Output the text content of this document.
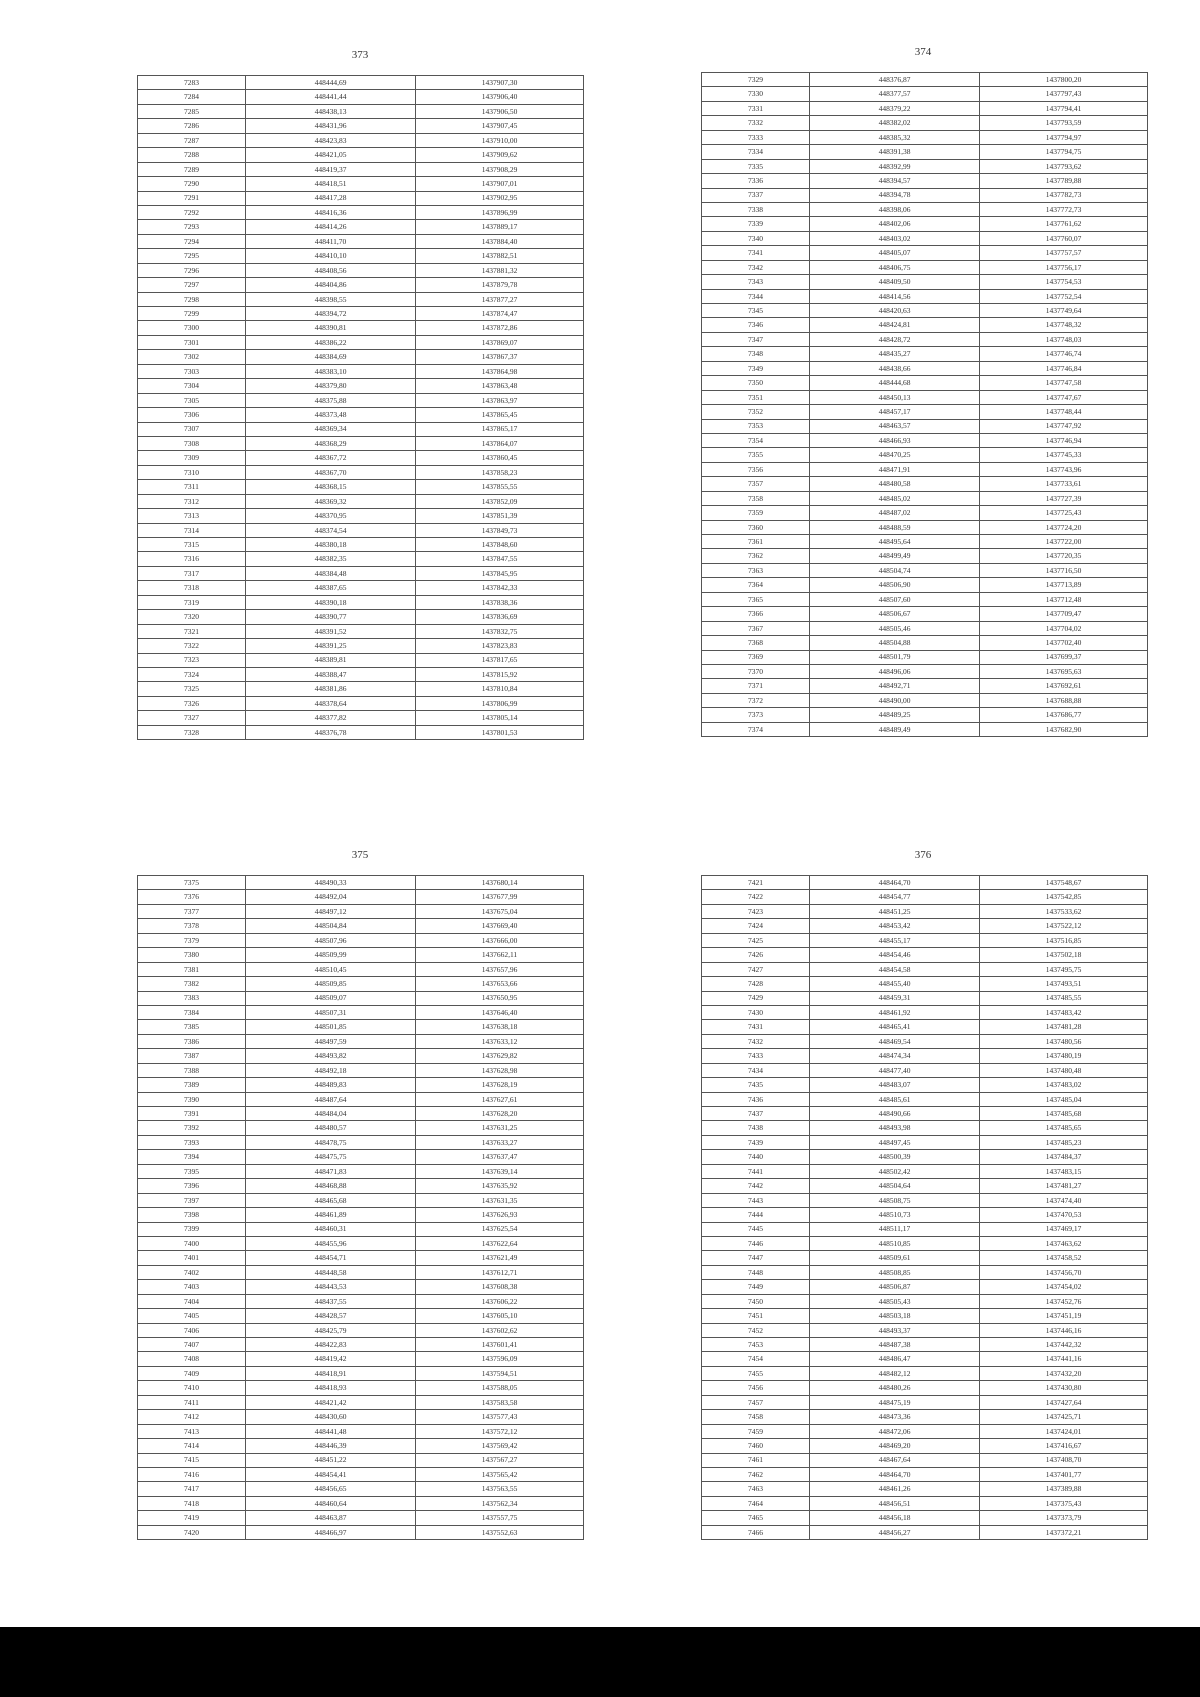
373	374
375	376
7283	448444,69	1437907,30
7284	448441,44	1437906,40
7285	448438,13	1437906,50
7286	448431,96	1437907,45
7287	448423,83	1437910,00
7288	448421,05	1437909,62
7289	448419,37	1437908,29
7290	448418,51	1437907,01
7291	448417,28	1437902,95
7292	448416,36	1437896,99
7293	448414,26	1437889,17
7294	448411,70	1437884,40
7295	448410,10	1437882,51
7296	448408,56	1437881,32
7297	448404,86	1437879,78
7298	448398,55	1437877,27
7299	448394,72	1437874,47
7300	448390,81	1437872,86
7301	448386,22	1437869,07
7302	448384,69	1437867,37
7303	448383,10	1437864,98
7304	448379,80	1437863,48
7305	448375,88	1437863,97
7306	448373,48	1437865,45
7307	448369,34	1437865,17
7308	448368,29	1437864,07
7309	448367,72	1437860,45
7310	448367,70	1437858,23
7311	448368,15	1437855,55
7312	448369,32	1437852,09
7313	448370,95	1437851,39
7314	448374,54	1437849,73
7315	448380,18	1437848,60
7316	448382,35	1437847,55
7317	448384,48	1437845,95
7318	448387,65	1437842,33
7319	448390,18	1437838,36
7320	448390,77	1437836,69
7321	448391,52	1437832,75
7322	448391,25	1437823,83
7323	448389,81	1437817,65
7324	448388,47	1437815,92
7325	448381,86	1437810,84
7326	448378,64	1437806,99
7327	448377,82	1437805,14
7328	448376,78	1437801,53
7329	448376,87	1437800,20
7330	448377,57	1437797,43
7331	448379,22	1437794,41
7332	448382,02	1437793,59
7333	448385,32	1437794,97
7334	448391,38	1437794,75
7335	448392,99	1437793,62
7336	448394,57	1437789,88
7337	448394,78	1437782,73
7338	448398,06	1437772,73
7339	448402,06	1437761,62
7340	448403,02	1437760,07
7341	448405,07	1437757,57
7342	448406,75	1437756,17
7343	448409,50	1437754,53
7344	448414,56	1437752,54
7345	448420,63	1437749,64
7346	448424,81	1437748,32
7347	448428,72	1437748,03
7348	448435,27	1437746,74
7349	448438,66	1437746,84
7350	448444,68	1437747,58
7351	448450,13	1437747,67
7352	448457,17	1437748,44
7353	448463,57	1437747,92
7354	448466,93	1437746,94
7355	448470,25	1437745,33
7356	448471,91	1437743,96
7357	448480,58	1437733,61
7358	448485,02	1437727,39
7359	448487,02	1437725,43
7360	448488,59	1437724,20
7361	448495,64	1437722,00
7362	448499,49	1437720,35
7363	448504,74	1437716,50
7364	448506,90	1437713,89
7365	448507,60	1437712,48
7366	448506,67	1437709,47
7367	448505,46	1437704,02
7368	448504,88	1437702,40
7369	448501,79	1437699,37
7370	448496,06	1437695,63
7371	448492,71	1437692,61
7372	448490,00	1437688,88
7373	448489,25	1437686,77
7374	448489,49	1437682,90
7375	448490,33	1437680,14
7376	448492,04	1437677,99
7377	448497,12	1437675,04
7378	448504,84	1437669,40
7379	448507,96	1437666,00
7380	448509,99	1437662,11
7381	448510,45	1437657,96
7382	448509,85	1437653,66
7383	448509,07	1437650,95
7384	448507,31	1437646,40
7385	448501,85	1437638,18
7386	448497,59	1437633,12
7387	448493,82	1437629,82
7388	448492,18	1437628,98
7389	448489,83	1437628,19
7390	448487,64	1437627,61
7391	448484,04	1437628,20
7392	448480,57	1437631,25
7393	448478,75	1437633,27
7394	448475,75	1437637,47
7395	448471,83	1437639,14
7396	448468,88	1437635,92
7397	448465,68	1437631,35
7398	448461,89	1437626,93
7399	448460,31	1437625,54
7400	448455,96	1437622,64
7401	448454,71	1437621,49
7402	448448,58	1437612,71
7403	448443,53	1437608,38
7404	448437,55	1437606,22
7405	448428,57	1437605,10
7406	448425,79	1437602,62
7407	448422,83	1437601,41
7408	448419,42	1437596,09
7409	448418,91	1437594,51
7410	448418,93	1437588,05
7411	448421,42	1437583,58
7412	448430,60	1437577,43
7413	448441,48	1437572,12
7414	448446,39	1437569,42
7415	448451,22	1437567,27
7416	448454,41	1437565,42
7417	448456,65	1437563,55
7418	448460,64	1437562,34
7419	448463,87	1437557,75
7420	448466,97	1437552,63
7421	448464,70	1437548,67
7422	448454,77	1437542,85
7423	448451,25	1437533,62
7424	448453,42	1437522,12
7425	448455,17	1437516,85
7426	448454,46	1437502,18
7427	448454,58	1437495,75
7428	448455,40	1437493,51
7429	448459,31	1437485,55
7430	448461,92	1437483,42
7431	448465,41	1437481,28
7432	448469,54	1437480,56
7433	448474,34	1437480,19
7434	448477,40	1437480,48
7435	448483,07	1437483,02
7436	448485,61	1437485,04
7437	448490,66	1437485,68
7438	448493,98	1437485,65
7439	448497,45	1437485,23
7440	448500,39	1437484,37
7441	448502,42	1437483,15
7442	448504,64	1437481,27
7443	448508,75	1437474,40
7444	448510,73	1437470,53
7445	448511,17	1437469,17
7446	448510,85	1437463,62
7447	448509,61	1437458,52
7448	448508,85	1437456,70
7449	448506,87	1437454,02
7450	448505,43	1437452,76
7451	448503,18	1437451,19
7452	448493,37	1437446,16
7453	448487,38	1437442,32
7454	448486,47	1437441,16
7455	448482,12	1437432,20
7456	448480,26	1437430,80
7457	448475,19	1437427,64
7458	448473,36	1437425,71
7459	448472,06	1437424,01
7460	448469,20	1437416,67
7461	448467,64	1437408,70
7462	448464,70	1437401,77
7463	448461,26	1437389,88
7464	448456,51	1437375,43
7465	448456,18	1437373,79
7466	448456,27	1437372,21
